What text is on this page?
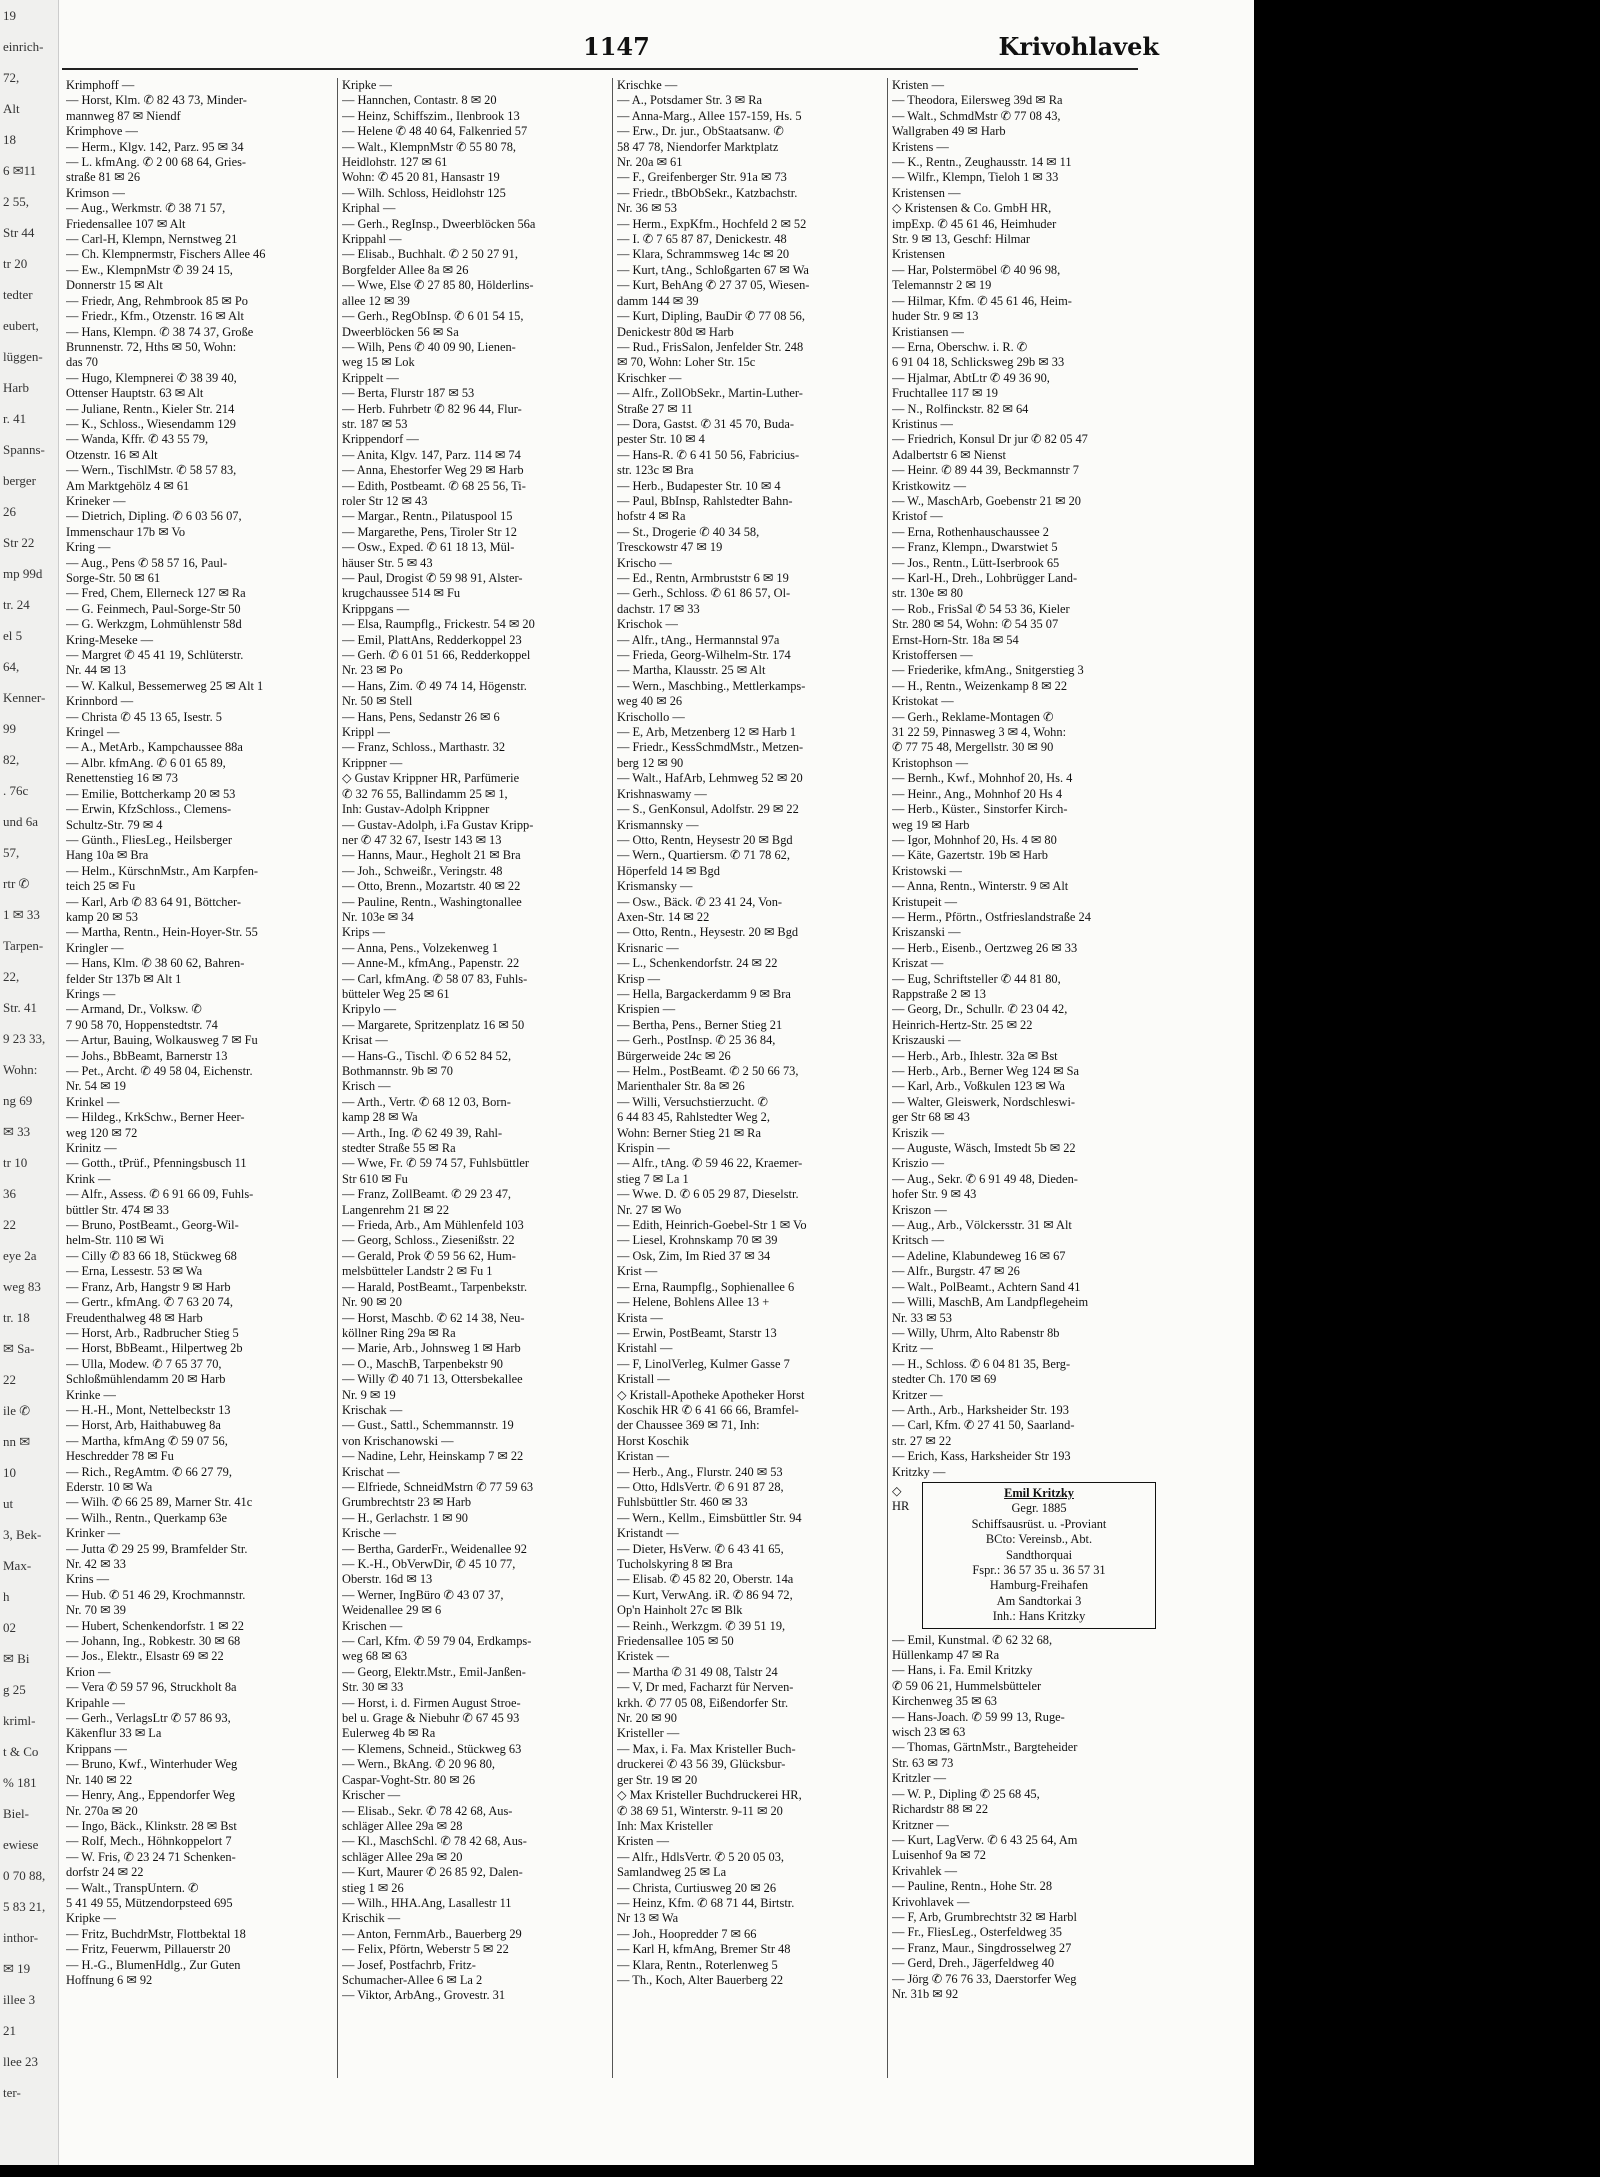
19
einrich-
72,
Alt
18
6 ✉11
2 55,
Str 44
tr 20
tedter
eubert,
lüggen-
Harb
r. 41
Spanns-
berger
26
Str 22
mp 99d
tr. 24
el 5
64,
Kenner-
99
82,
. 76c
und 6a
57,
rtr ✆
1 ✉ 33
Tarpen-
22,
Str. 41
9 23 33,
Wohn:
ng 69
✉ 33
tr 10
36
22
eye 2a
weg 83
tr. 18
✉ Sa-
22
ile ✆
nn ✉
10
ut
3, Bek-
Max-
h
02
✉ Bi
g 25
kriml-
t & Co
% 181
Biel-
ewiese
0 70 88,
5 83 21,
inthor-
✉ 19
illee 3
21
llee 23
ter-
1147	Krivohlavek
Krimphoff —
— Horst, Klm. ✆ 82 43 73, Minder-
mannweg 87 ✉ Niendf
Krimphove —
— Herm., Klgv. 142, Parz. 95 ✉ 34
— L. kfmAng. ✆ 2 00 68 64, Gries-
straße 81 ✉ 26
Krimson —
— Aug., Werkmstr. ✆ 38 71 57,
Friedensallee 107 ✉ Alt
— Carl-H, Klempn, Nernstweg 21
— Ch. Klempnermstr, Fischers Allee 46
— Ew., KlempnMstr ✆ 39 24 15,
Donnerstr 15 ✉ Alt
— Friedr, Ang, Rehmbrook 85 ✉ Po
— Friedr., Kfm., Otzenstr. 16 ✉ Alt
— Hans, Klempn. ✆ 38 74 37, Große
Brunnenstr. 72, Hths ✉ 50, Wohn:
das 70
— Hugo, Klempnerei ✆ 38 39 40,
Ottenser Hauptstr. 63 ✉ Alt
— Juliane, Rentn., Kieler Str. 214
— K., Schloss., Wiesendamm 129
— Wanda, Kffr. ✆ 43 55 79,
Otzenstr. 16 ✉ Alt
— Wern., TischlMstr. ✆ 58 57 83,
Am Marktgehölz 4 ✉ 61
Krineker —
— Dietrich, Dipling. ✆ 6 03 56 07,
Immenschaur 17b ✉ Vo
Kring —
— Aug., Pens ✆ 58 57 16, Paul-
Sorge-Str. 50 ✉ 61
— Fred, Chem, Ellerneck 127 ✉ Ra
— G. Feinmech, Paul-Sorge-Str 50
— G. Werkzgm, Lohmühlenstr 58d
Kring-Meseke —
— Margret ✆ 45 41 19, Schlüterstr.
Nr. 44 ✉ 13
— W. Kalkul, Bessemerweg 25 ✉ Alt 1
Krinnbord —
— Christa ✆ 45 13 65, Isestr. 5
Kringel —
— A., MetArb., Kampchaussee 88a
— Albr. kfmAng. ✆ 6 01 65 89,
Renettenstieg 16 ✉ 73
— Emilie, Bottcherkamp 20 ✉ 53
— Erwin, KfzSchloss., Clemens-
Schultz-Str. 79 ✉ 4
— Günth., FliesLeg., Heilsberger
Hang 10a ✉ Bra
— Helm., KürschnMstr., Am Karpfen-
teich 25 ✉ Fu
— Karl, Arb ✆ 83 64 91, Böttcher-
kamp 20 ✉ 53
— Martha, Rentn., Hein-Hoyer-Str. 55
Kringler —
— Hans, Klm. ✆ 38 60 62, Bahren-
felder Str 137b ✉ Alt 1
Krings —
— Armand, Dr., Volksw. ✆
7 90 58 70, Hoppenstedtstr. 74
— Artur, Bauing, Wolkausweg 7 ✉ Fu
— Johs., BbBeamt, Barnerstr 13
— Pet., Archt. ✆ 49 58 04, Eichenstr.
Nr. 54 ✉ 19
Krinkel —
— Hildeg., KrkSchw., Berner Heer-
weg 120 ✉ 72
Krinitz —
— Gotth., tPrüf., Pfenningsbusch 11
Krink —
— Alfr., Assess. ✆ 6 91 66 09, Fuhls-
büttler Str. 474 ✉ 33
— Bruno, PostBeamt., Georg-Wil-
helm-Str. 110 ✉ Wi
— Cilly ✆ 83 66 18, Stückweg 68
— Erna, Lessestr. 53 ✉ Wa
— Franz, Arb, Hangstr 9 ✉ Harb
— Gertr., kfmAng. ✆ 7 63 20 74,
Freudenthalweg 48 ✉ Harb
— Horst, Arb., Radbrucher Stieg 5
— Horst, BbBeamt., Hilpertweg 2b
— Ulla, Modew. ✆ 7 65 37 70,
Schloßmühlendamm 20 ✉ Harb
Krinke —
— H.-H., Mont, Nettelbeckstr 13
— Horst, Arb, Haithabuweg 8a
— Martha, kfmAng ✆ 59 07 56,
Heschredder 78 ✉ Fu
— Rich., RegAmtm. ✆ 66 27 79,
Ederstr. 10 ✉ Wa
— Wilh. ✆ 66 25 89, Marner Str. 41c
— Wilh., Rentn., Querkamp 63e
Krinker —
— Jutta ✆ 29 25 99, Bramfelder Str.
Nr. 42 ✉ 33
Krins —
— Hub. ✆ 51 46 29, Krochmannstr.
Nr. 70 ✉ 39
— Hubert, Schenkendorfstr. 1 ✉ 22
— Johann, Ing., Robkestr. 30 ✉ 68
— Jos., Elektr., Elsastr 69 ✉ 22
Krion —
— Vera ✆ 59 57 96, Struckholt 8a
Kripahle —
— Gerh., VerlagsLtr ✆ 57 86 93,
Käkenflur 33 ✉ La
Krippans —
— Bruno, Kwf., Winterhuder Weg
Nr. 140 ✉ 22
— Henry, Ang., Eppendorfer Weg
Nr. 270a ✉ 20
— Ingo, Bäck., Klinkstr. 28 ✉ Bst
— Rolf, Mech., Höhnkoppelort 7
— W. Fris, ✆ 23 24 71 Schenken-
dorfstr 24 ✉ 22
— Walt., TranspUntern. ✆
5 41 49 55, Mützendorpsteed 695
Kripke —
— Fritz, BuchdrMstr, Flottbektal 18
— Fritz, Feuerwm, Pillauerstr 20
— H.-G., BlumenHdlg., Zur Guten
Hoffnung 6 ✉ 92
Kripke —
— Hannchen, Contastr. 8 ✉ 20
— Heinz, Schiffszim., Ilenbrook 13
— Helene ✆ 48 40 64, Falkenried 57
— Walt., KlempnMstr ✆ 55 80 78,
Heidlohstr. 127 ✉ 61
Wohn: ✆ 45 20 81, Hansastr 19
— Wilh. Schloss, Heidlohstr 125
Kriphal —
— Gerh., RegInsp., Dweerblöcken 56a
Krippahl —
— Elisab., Buchhalt. ✆ 2 50 27 91,
Borgfelder Allee 8a ✉ 26
— Wwe, Else ✆ 27 85 80, Hölderlins-
allee 12 ✉ 39
— Gerh., RegObInsp. ✆ 6 01 54 15,
Dweerblöcken 56 ✉ Sa
— Wilh, Pens ✆ 40 09 90, Lienen-
weg 15 ✉ Lok
Krippelt —
— Berta, Flurstr 187 ✉ 53
— Herb. Fuhrbetr ✆ 82 96 44, Flur-
str. 187 ✉ 53
Krippendorf —
— Anita, Klgv. 147, Parz. 114 ✉ 74
— Anna, Ehestorfer Weg 29 ✉ Harb
— Edith, Postbeamt. ✆ 68 25 56, Ti-
roler Str 12 ✉ 43
— Margar., Rentn., Pilatuspool 15
— Margarethe, Pens, Tiroler Str 12
— Osw., Exped. ✆ 61 18 13, Mül-
häuser Str. 5 ✉ 43
— Paul, Drogist ✆ 59 98 91, Alster-
krugchaussee 514 ✉ Fu
Krippgans —
— Elsa, Raumpflg., Frickestr. 54 ✉ 20
— Emil, PlattAns, Redderkoppel 23
— Gerh. ✆ 6 01 51 66, Redderkoppel
Nr. 23 ✉ Po
— Hans, Zim. ✆ 49 74 14, Högenstr.
Nr. 50 ✉ Stell
— Hans, Pens, Sedanstr 26 ✉ 6
Krippl —
— Franz, Schloss., Marthastr. 32
Krippner —
◇ Gustav Krippner HR, Parfümerie
✆ 32 76 55, Ballindamm 25 ✉ 1,
Inh: Gustav-Adolph Krippner
— Gustav-Adolph, i.Fa Gustav Kripp-
ner ✆ 47 32 67, Isestr 143 ✉ 13
— Hanns, Maur., Hegholt 21 ✉ Bra
— Joh., Schweißr., Veringstr. 48
— Otto, Brenn., Mozartstr. 40 ✉ 22
— Pauline, Rentn., Washingtonallee
Nr. 103e ✉ 34
Krips —
— Anna, Pens., Volzekenweg 1
— Anne-M., kfmAng., Papenstr. 22
— Carl, kfmAng. ✆ 58 07 83, Fuhls-
bütteler Weg 25 ✉ 61
Kripylo —
— Margarete, Spritzenplatz 16 ✉ 50
Krisat —
— Hans-G., Tischl. ✆ 6 52 84 52,
Bothmannstr. 9b ✉ 70
Krisch —
— Arth., Vertr. ✆ 68 12 03, Born-
kamp 28 ✉ Wa
— Arth., Ing. ✆ 62 49 39, Rahl-
stedter Straße 55 ✉ Ra
— Wwe, Fr. ✆ 59 74 57, Fuhlsbüttler
Str 610 ✉ Fu
— Franz, ZollBeamt. ✆ 29 23 47,
Langenrehm 21 ✉ 22
— Frieda, Arb., Am Mühlenfeld 103
— Georg, Schloss., Ziesenißstr. 22
— Gerald, Prok ✆ 59 56 62, Hum-
melsbütteler Landstr 2 ✉ Fu 1
— Harald, PostBeamt., Tarpenbekstr.
Nr. 90 ✉ 20
— Horst, Maschb. ✆ 62 14 38, Neu-
köllner Ring 29a ✉ Ra
— Marie, Arb., Johnsweg 1 ✉ Harb
— O., MaschB, Tarpenbekstr 90
— Willy ✆ 40 71 13, Ottersbekallee
Nr. 9 ✉ 19
Krischak —
— Gust., Sattl., Schemmannstr. 19
von Krischanowski —
— Nadine, Lehr, Heinskamp 7 ✉ 22
Krischat —
— Elfriede, SchneidMstrn ✆ 77 59 63
Grumbrechtstr 23 ✉ Harb
— H., Gerlachstr. 1 ✉ 90
Krische —
— Bertha, GarderFr., Weidenallee 92
— K.-H., ObVerwDir, ✆ 45 10 77,
Oberstr. 16d ✉ 13
— Werner, IngBüro ✆ 43 07 37,
Weidenallee 29 ✉ 6
Krischen —
— Carl, Kfm. ✆ 59 79 04, Erdkamps-
weg 68 ✉ 63
— Georg, Elektr.Mstr., Emil-Janßen-
Str. 30 ✉ 33
— Horst, i. d. Firmen August Stroe-
bel u. Grage & Niebuhr ✆ 67 45 93
Eulerweg 4b ✉ Ra
— Klemens, Schneid., Stückweg 63
— Wern., BkAng. ✆ 20 96 80,
Caspar-Voght-Str. 80 ✉ 26
Krischer —
— Elisab., Sekr. ✆ 78 42 68, Aus-
schläger Allee 29a ✉ 28
— Kl., MaschSchl. ✆ 78 42 68, Aus-
schläger Allee 29a ✉ 20
— Kurt, Maurer ✆ 26 85 92, Dalen-
stieg 1 ✉ 26
— Wilh., HHA.Ang, Lasallestr 11
Krischik —
— Anton, FernmArb., Bauerberg 29
— Felix, Pförtn, Weberstr 5 ✉ 22
— Josef, Postfachrb, Fritz-
Schumacher-Allee 6 ✉ La 2
— Viktor, ArbAng., Grovestr. 31
Krischke —
— A., Potsdamer Str. 3 ✉ Ra
— Anna-Marg., Allee 157-159, Hs. 5
— Erw., Dr. jur., ObStaatsanw. ✆
58 47 78, Niendorfer Marktplatz
Nr. 20a ✉ 61
— F., Greifenberger Str. 91a ✉ 73
— Friedr., tBbObSekr., Katzbachstr.
Nr. 36 ✉ 53
— Herm., ExpKfm., Hochfeld 2 ✉ 52
— I. ✆ 7 65 87 87, Denickestr. 48
— Klara, Schrammsweg 14c ✉ 20
— Kurt, tAng., Schloßgarten 67 ✉ Wa
— Kurt, BehAng ✆ 27 37 05, Wiesen-
damm 144 ✉ 39
— Kurt, Dipling, BauDir ✆ 77 08 56,
Denickestr 80d ✉ Harb
— Rud., FrisSalon, Jenfelder Str. 248
✉ 70, Wohn: Loher Str. 15c
Krischker —
— Alfr., ZollObSekr., Martin-Luther-
Straße 27 ✉ 11
— Dora, Gastst. ✆ 31 45 70, Buda-
pester Str. 10 ✉ 4
— Hans-R. ✆ 6 41 50 56, Fabricius-
str. 123c ✉ Bra
— Herb., Budapester Str. 10 ✉ 4
— Paul, BbInsp, Rahlstedter Bahn-
hofstr 4 ✉ Ra
— St., Drogerie ✆ 40 34 58,
Tresckowstr 47 ✉ 19
Krischo —
— Ed., Rentn, Armbruststr 6 ✉ 19
— Gerh., Schloss. ✆ 61 86 57, Ol-
dachstr. 17 ✉ 33
Krischok —
— Alfr., tAng., Hermannstal 97a
— Frieda, Georg-Wilhelm-Str. 174
— Martha, Klausstr. 25 ✉ Alt
— Wern., Maschbing., Mettlerkamps-
weg 40 ✉ 26
Krischollo —
— E, Arb, Metzenberg 12 ✉ Harb 1
— Friedr., KessSchmdMstr., Metzen-
berg 12 ✉ 90
— Walt., HafArb, Lehmweg 52 ✉ 20
Krishnaswamy —
— S., GenKonsul, Adolfstr. 29 ✉ 22
Krismannsky —
— Otto, Rentn, Heysestr 20 ✉ Bgd
— Wern., Quartiersm. ✆ 71 78 62,
Höperfeld 14 ✉ Bgd
Krismansky —
— Osw., Bäck. ✆ 23 41 24, Von-
Axen-Str. 14 ✉ 22
— Otto, Rentn., Heysestr. 20 ✉ Bgd
Krisnaric —
— L., Schenkendorfstr. 24 ✉ 22
Krisp —
— Hella, Bargackerdamm 9 ✉ Bra
Krispien —
— Bertha, Pens., Berner Stieg 21
— Gerh., PostInsp. ✆ 25 36 84,
Bürgerweide 24c ✉ 26
— Helm., PostBeamt. ✆ 2 50 66 73,
Marienthaler Str. 8a ✉ 26
— Willi, Versuchstierzucht. ✆
6 44 83 45, Rahlstedter Weg 2,
Wohn: Berner Stieg 21 ✉ Ra
Krispin —
— Alfr., tAng. ✆ 59 46 22, Kraemer-
stieg 7 ✉ La 1
— Wwe. D. ✆ 6 05 29 87, Dieselstr.
Nr. 27 ✉ Wo
— Edith, Heinrich-Goebel-Str 1 ✉ Vo
— Liesel, Krohnskamp 70 ✉ 39
— Osk, Zim, Im Ried 37 ✉ 34
Krist —
— Erna, Raumpflg., Sophienallee 6
— Helene, Bohlens Allee 13 +
Krista —
— Erwin, PostBeamt, Starstr 13
Kristahl —
— F, LinolVerleg, Kulmer Gasse 7
Kristall —
◇ Kristall-Apotheke Apotheker Horst
Koschik HR ✆ 6 41 66 66, Bramfel-
der Chaussee 369 ✉ 71, Inh:
Horst Koschik
Kristan —
— Herb., Ang., Flurstr. 240 ✉ 53
— Otto, HdlsVertr. ✆ 6 91 87 28,
Fuhlsbüttler Str. 460 ✉ 33
— Wern., Kellm., Eimsbüttler Str. 94
Kristandt —
— Dieter, HsVerw. ✆ 6 43 41 65,
Tucholskyring 8 ✉ Bra
— Elisab. ✆ 45 82 20, Oberstr. 14a
— Kurt, VerwAng. iR. ✆ 86 94 72,
Op'n Hainholt 27c ✉ Blk
— Reinh., Werkzgm. ✆ 39 51 19,
Friedensallee 105 ✉ 50
Kristek —
— Martha ✆ 31 49 08, Talstr 24
— V, Dr med, Facharzt für Nerven-
krkh. ✆ 77 05 08, Eißendorfer Str.
Nr. 20 ✉ 90
Kristeller —
— Max, i. Fa. Max Kristeller Buch-
druckerei ✆ 43 56 39, Glücksbur-
ger Str. 19 ✉ 20
◇ Max Kristeller Buchdruckerei HR,
✆ 38 69 51, Winterstr. 9-11 ✉ 20
Inh: Max Kristeller
Kristen —
— Alfr., HdlsVertr. ✆ 5 20 05 03,
Samlandweg 25 ✉ La
— Christa, Curtiusweg 20 ✉ 26
— Heinz, Kfm. ✆ 68 71 44, Birtstr.
Nr 13 ✉ Wa
— Joh., Hoopredder 7 ✉ 66
— Karl H, kfmAng, Bremer Str 48
— Klara, Rentn., Roterlenweg 5
— Th., Koch, Alter Bauerberg 22
Kristen —
— Theodora, Eilersweg 39d ✉ Ra
— Walt., SchmdMstr ✆ 77 08 43,
Wallgraben 49 ✉ Harb
Kristens —
— K., Rentn., Zeughausstr. 14 ✉ 11
— Wilfr., Klempn, Tieloh 1 ✉ 33
Kristensen —
◇ Kristensen & Co. GmbH HR,
impExp. ✆ 45 61 46, Heimhuder
Str. 9 ✉ 13, Geschf: Hilmar
Kristensen
— Har, Polstermöbel ✆ 40 96 98,
Telemannstr 2 ✉ 19
— Hilmar, Kfm. ✆ 45 61 46, Heim-
huder Str. 9 ✉ 13
Kristiansen —
— Erna, Oberschw. i. R. ✆
6 91 04 18, Schlicksweg 29b ✉ 33
— Hjalmar, AbtLtr ✆ 49 36 90,
Fruchtallee 117 ✉ 19
— N., Rolfinckstr. 82 ✉ 64
Kristinus —
— Friedrich, Konsul Dr jur ✆ 82 05 47
Adalbertstr 6 ✉ Nienst
— Heinr. ✆ 89 44 39, Beckmannstr 7
Kristkowitz —
— W., MaschArb, Goebenstr 21 ✉ 20
Kristof —
— Erna, Rothenhauschaussee 2
— Franz, Klempn., Dwarstwiet 5
— Jos., Rentn., Lütt-Iserbrook 65
— Karl-H., Dreh., Lohbrügger Land-
str. 130e ✉ 80
— Rob., FrisSal ✆ 54 53 36, Kieler
Str. 280 ✉ 54, Wohn: ✆ 54 35 07
Ernst-Horn-Str. 18a ✉ 54
Kristoffersen —
— Friederike, kfmAng., Snitgerstieg 3
— H., Rentn., Weizenkamp 8 ✉ 22
Kristokat —
— Gerh., Reklame-Montagen ✆
31 22 59, Pinnasweg 3 ✉ 4, Wohn:
✆ 77 75 48, Mergellstr. 30 ✉ 90
Kristophson —
— Bernh., Kwf., Mohnhof 20, Hs. 4
— Heinr., Ang., Mohnhof 20 Hs 4
— Herb., Küster., Sinstorfer Kirch-
weg 19 ✉ Harb
— Igor, Mohnhof 20, Hs. 4 ✉ 80
— Käte, Gazertstr. 19b ✉ Harb
Kristowski —
— Anna, Rentn., Winterstr. 9 ✉ Alt
Kristupeit —
— Herm., Pförtn., Ostfrieslandstraße 24
Kriszanski —
— Herb., Eisenb., Oertzweg 26 ✉ 33
Kriszat —
— Eug, Schriftsteller ✆ 44 81 80,
Rappstraße 2 ✉ 13
— Georg, Dr., Schullr. ✆ 23 04 42,
Heinrich-Hertz-Str. 25 ✉ 22
Kriszauski —
— Herb., Arb., Ihlestr. 32a ✉ Bst
— Herb., Arb., Berner Weg 124 ✉ Sa
— Karl, Arb., Voßkulen 123 ✉ Wa
— Walter, Gleiswerk, Nordschleswi-
ger Str 68 ✉ 43
Kriszik —
— Auguste, Wäsch, Imstedt 5b ✉ 22
Kriszio —
— Aug., Sekr. ✆ 6 91 49 48, Dieden-
hofer Str. 9 ✉ 43
Kriszon —
— Aug., Arb., Völckersstr. 31 ✉ Alt
Kritsch —
— Adeline, Klabundeweg 16 ✉ 67
— Alfr., Burgstr. 47 ✉ 26
— Walt., PolBeamt., Achtern Sand 41
— Willi, MaschB, Am Landpflegeheim
Nr. 33 ✉ 53
— Willy, Uhrm, Alto Rabenstr 8b
Kritz —
— H., Schloss. ✆ 6 04 81 35, Berg-
stedter Ch. 170 ✉ 69
Kritzer —
— Arth., Arb., Harksheider Str. 193
— Carl, Kfm. ✆ 27 41 50, Saarland-
str. 27 ✉ 22
— Erich, Kass, Harksheider Str 193
Kritzky —
◇
HR
Emil Kritzky
Gegr. 1885
Schiffsausrüst. u. -Proviant
BCto: Vereinsb., Abt.
Sandthorquai
Fspr.: 36 57 35 u. 36 57 31
Hamburg-Freihafen
Am Sandtorkai 3
Inh.: Hans Kritzky
— Emil, Kunstmal. ✆ 62 32 68,
Hüllenkamp 47 ✉ Ra
— Hans, i. Fa. Emil Kritzky
✆ 59 06 21, Hummelsbütteler
Kirchenweg 35 ✉ 63
— Hans-Joach. ✆ 59 99 13, Ruge-
wisch 23 ✉ 63
— Thomas, GärtnMstr., Bargteheider
Str. 63 ✉ 73
Kritzler —
— W. P., Dipling ✆ 25 68 45,
Richardstr 88 ✉ 22
Kritzner —
— Kurt, LagVerw. ✆ 6 43 25 64, Am
Luisenhof 9a ✉ 72
Krivahlek —
— Pauline, Rentn., Hohe Str. 28
Krivohlavek —
— F, Arb, Grumbrechtstr 32 ✉ Harbl
— Fr., FliesLeg., Osterfeldweg 35
— Franz, Maur., Singdrosselweg 27
— Gerd, Dreh., Jägerfeldweg 40
— Jörg ✆ 76 76 33, Daerstorfer Weg
Nr. 31b ✉ 92
